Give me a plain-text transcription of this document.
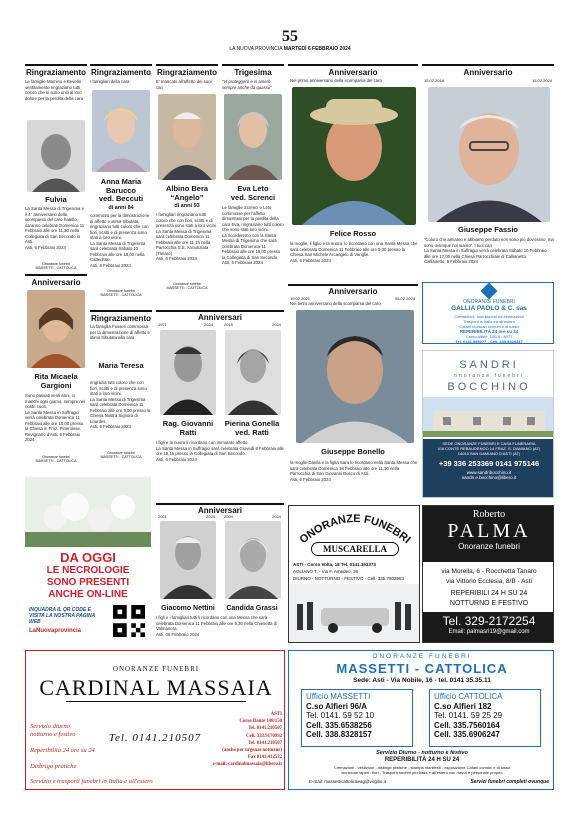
55
LA NUOVA PROVINCIA MARTEDÌ 6 FEBBRAIO 2024
Ringraziamento
Le famiglie Mamino e Bevello sentitamente ringraziano tutti coloro che si sono uniti al loro dolore per la perdita della cara
Fulvia
La Santa Messa di Trigesima e il 4° anniversario della scomparsa del caro fratello, saranno celebrati Domenica 11 Febbraio alle ore 11,30 nella Collegiata di San Secondo in Asti.
Asti, 6 Febbraio 2024
Onoranze funebri
MASSETTI - CATTOLICA
Anniversario
Rita Micaela
Gargioni
Sono passati venti anni, ci manchi ogni giorno, sempre nei nostri cuori.
La Santa Messa in Suffragio verrà celebrata Domenica 11 Febbraio alle ore 10,00 presso la Chiesa in Froz. Pinerolese, Revignano d'Asti, 6 Febbraio 2024
Onoranze funebri
MASSETTI - CATTOLICA
Ringraziamento
I famigliari della cara
Anna Maria
Barucco
ved. Beccuti
di anni 84
commossi per la dimostrazione di affetto e stima tributata, ringraziano tutti coloro che con fiori, scritti e di presenza sono stati a loro vicini.
La Santa Messa di Trigesima sarà celebrata Sabato 10 Febbraio alle ore 18,00 nella Cattedrale.
Asti, 6 Febbraio 2024
Onoranze funebri
MASSETTI - CATTOLICA
Ringraziamento
La famiglia Fusseri commossa per la dimostrazione di affetto e stima tributata alla cara
Maria Teresa
ringrazia tutti coloro che con fiori, scritti e di presenza sono stati a loro vicini.
La Santa Messa di Trigesima sarà celebrata Domenica 11 Febbraio alle ore 9,00 presso la Chiesa Nostra Signora di Lourdes.
Asti, 6 Febbraio 2024
Onoranze funebri
MASSETTI - CATTOLICA
Ringraziamento
E' mancato all'affetto dei suoi cari
Albino Bera
“Angelo”
di anni 93
I famigliari ringraziano tutti coloro che con fiori, scritti e di presenza sono stati a loro vicini.
La Santa Messa di Trigesima sarà celebrata Domenica 11 Febbraio alle ore 11,15 nella Parrocchia S.S. Annunziata (Tanaro).
Asti, 6 Febbraio 2024
Onoranze funebri
MASSETTI - CATTOLICA
Trigesima
“Vi proteggerò e vi amerò sempre anche da quassù”
Eva Leto
ved. Screnci
Le famiglie Screnci e Leto commosse per l'affetto dimostrato per la perdita della cara Eva, ringraziano tutti coloro che sono stati loro vicini.
La ricorderemo con la Santa Messa di Trigesima che sarà celebrata Domenica 11 Febbraio alle ore 18,00 presso la Collegiata di San Secondo.
Asti, 6 Febbraio 2024
Anniversari
1971	2024	2015	2024
Rag. Giovanni
Ratti
Pierina Gonella
ved. Ratti
I figli e la nuora li ricordano con immutato affetto.
La Santa Messa in Suffragio sarà celebrata Giovedì 8 Febbraio alle ore 18,15 presso la Collegiata di San Secondo.
Asti, 6 Febbraio 2024
Anniversario
Nel primo anniversario della scomparsa del caro
Felice Rosso
la moglie, il figlio e la nuora, lo ricordano con una Santa Messa che sarà celebrata Domenica 11 Febbraio alle ore 9,00 presso la Chiesa San Michele Arcangelo di Variglie.
Asti, 6 Febbraio 2024
Anniversario
15.02.2018	15.02.2024
Giuseppe Fassio
“Coloro che amiamo e abbiamo perduto non sono più dov'erano, ma sono ovunque noi siamo”. I tuoi cari
La Santa Messa in Suffragio verrà celebrata Sabato 10 Febbraio alle ore 17,00 nella Chiesa Parrocchiale di Callianetto.
Callianetto, 6 Febbraio 2024
Anniversario
19.02.2021	05.02.2024
Nel terzo anniversario della scomparsa del caro
Giuseppe Bonello
la moglie Danila e la figlia Sara lo ricordano nella Santa Messa che sarà celebrata Domenica 18 Febbraio alle ore 11,30 nella Parrocchia di San Giovanni Bosco di Asti.
Asti, 6 Febbraio 2024
Anniversari
2021	2024 2004	2024
Giacomo Nettini	Candida Grassi
I figli e i famigliari tutti li ricordano con una Messa che sarà celebrata Domenica 11 Febbraio alle ore 9,30 nella Chiesetta di Valmanera.
Asti, 06 Febbraio 2024
DA OGGI
LE NECROLOGIE
SONO PRESENTI
ANCHE ON-LINE
INQUADRA IL QR CODE E VISITA LA NOSTRA PAGINA WEB
LaNuovaprovincia
ONORANZE FUNEBRI
GALLIA PAOLO & C. sas
Cremazioni, tumulazioni ed esumazioni
Trasporti in Italia ed all'estero
Cofani mortuari comuni e di lusso
REPERIBILITÀ 24 ore su 24
Corso Alfieri, 130/A - ASTI
Tel. 0141.595077 - Cell. 335.5329347
SANDRI
onoranze funebri
BOCCHINO
SEDE ONORANZE FUNEBRI E CASA FUNERARIA
VIA CONTE REBAUDENGO 14 FRAZ. S. DAMIANO (AT)
14015 SAN DAMIANO D'ASTI (AT)
+39 336 253369 0141 975146
www.sandribocchino.it
sandri.e.bocchino@libero.it
ONORANZE FUNEBRI
MUSCARELLA
ASTI - Corso Volta, 18 Tel. 0141.353373
AGLIANO T. - Via F. Amedeo, 36
DIURNO - NOTTURNO - FESTIVO - Cell. 335.7803953
Roberto
PALMA
Onoranze funebri
via Morella, 6 - Rocchetta Tanaro
via Vittorio Ecclesia, 8/B - Asti
REPERIBILI 24 H SU 24
NOTTURNO E FESTIVO
Tel. 329-2172254
Email: palmasrl19@gmail.com
ONORANZE FUNEBRI
CARDINAL MASSAIA
Servizio diurno
notturno e festivo
Reperibilità 24 ore su 24
Disbrigo pratiche
Servizio e trasporti funebri in Italia e all'estero
Tel. 0141.210507
ASTI
Corso Dante 148/150
Tel. 0141.210507
Cell. 333.9170992
Tel. 0141.210507
(anche per urgenze notturne)
Fax 0141.412532
e-mail: cardinalmassaia@libero.it
ONORANZE FUNEBRI
MASSETTI - CATTOLICA
Sede: Asti - Via Nobile, 16 - tel. 0141 35.35.11
Ufficio MASSETTI
C.so Alfieri 96/A
Tel. 0141. 59 52 10
Cell. 335.6538256
Cell. 338.8328157
Ufficio CATTOLICA
C.so Alfieri 182
Tel. 0141. 59 25 29
Cell. 335.7560164
Cell. 335.6906247
Servizio Diurno - notturno e festivo
REPERIBILITÀ 24 H SU 24
Cremazioni - vestizioni - disbrigo pratiche - stampa manifesti - esposizione Cofani comuni e di lusso
iscrizione lapidi - fiori - Trasporti funebri per Italia e all'estero con mezzi e personale proprio
E-mail: massetticattolicaeag@virgilio.it	Servizi funebri completi ovunque
